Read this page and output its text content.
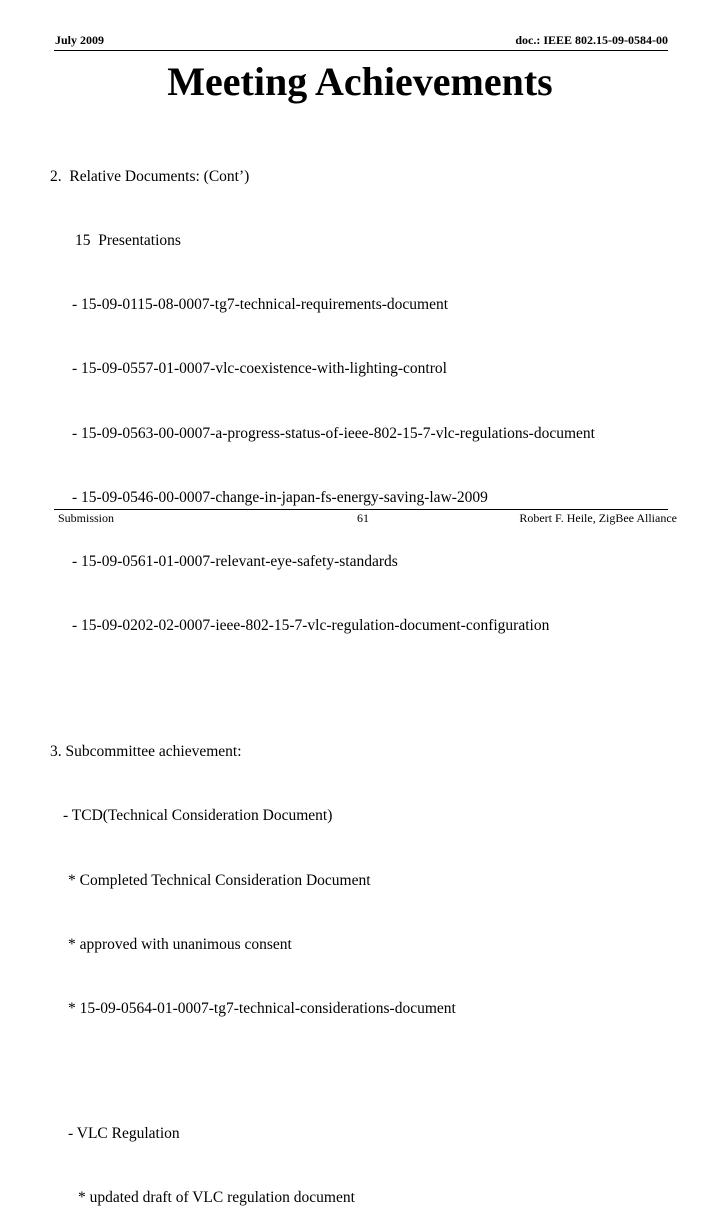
July 2009	doc.: IEEE 802.15-09-0584-00
Meeting Achievements

2.  Relative Documents: (Cont’)

15  Presentations

- 15-09-0115-08-0007-tg7-technical-requirements-document

- 15-09-0557-01-0007-vlc-coexistence-with-lighting-control

- 15-09-0563-00-0007-a-progress-status-of-ieee-802-15-7-vlc-regulations-document

- 15-09-0546-00-0007-change-in-japan-fs-energy-saving-law-2009

- 15-09-0561-01-0007-relevant-eye-safety-standards

- 15-09-0202-02-0007-ieee-802-15-7-vlc-regulation-document-configuration

3. Subcommittee achievement:

- TCD(Technical Consideration Document)

* Completed Technical Consideration Document

* approved with unanimous consent

* 15-09-0564-01-0007-tg7-technical-considerations-document

- VLC Regulation

* updated draft of VLC regulation document

Submission	61	Robert F. Heile, ZigBee Alliance
